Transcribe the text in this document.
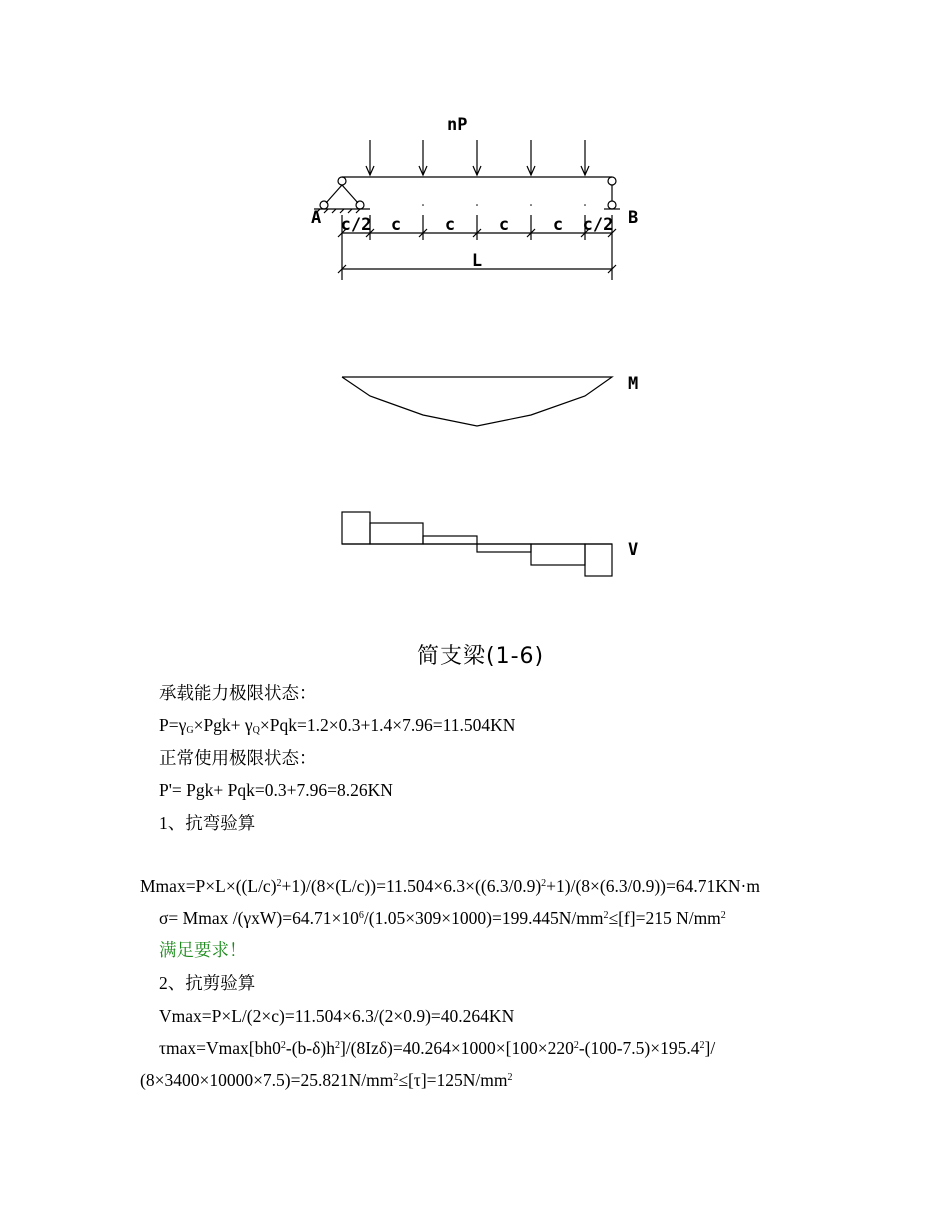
nP
A	B
c/2 c	c	c	c c/2
L
M
V
简支梁(1-6)
承载能力极限状态：
$P=\gamma_G\times Pgk+ \gamma_Q\times Pqk=1.2\times 0.3+1.4\times 7.96=11.504KN$
正常使用极限状态：
P'= Pgk+ Pqk=0.3+7.96=8.26KN
1、抗弯验算
$Mmax=P\times L\times((L/c)^2+1)/(8\times(L/c))=11.504\times 6.3\times((6.3/0.9)^2+1)/(8\times(6.3/0.9))=64.71KN\cdot m$
σ= Mmax $/(\gamma xW)=64.71\times 10^6/(1.05\times 309\times 1000)=199.445N/mm^2\le[f]=215$ $N/mm^2$
满足要求！
2、抗剪验算
Vmax=P×L/(2×c)=11.504×6.3/(2×0.9)=40.264KN
$\tau\max=Vmax[bh0^2-(b-\delta)h^2]/(8Iz\delta)=40.264\times 1000\times[100\times 220^2-(100-7.5)\times 195.4^2]/$
$(8\times 3400\times 10000\times 7.5)=25.821N/mm^2\le[\tau]=125N/mm^2$
